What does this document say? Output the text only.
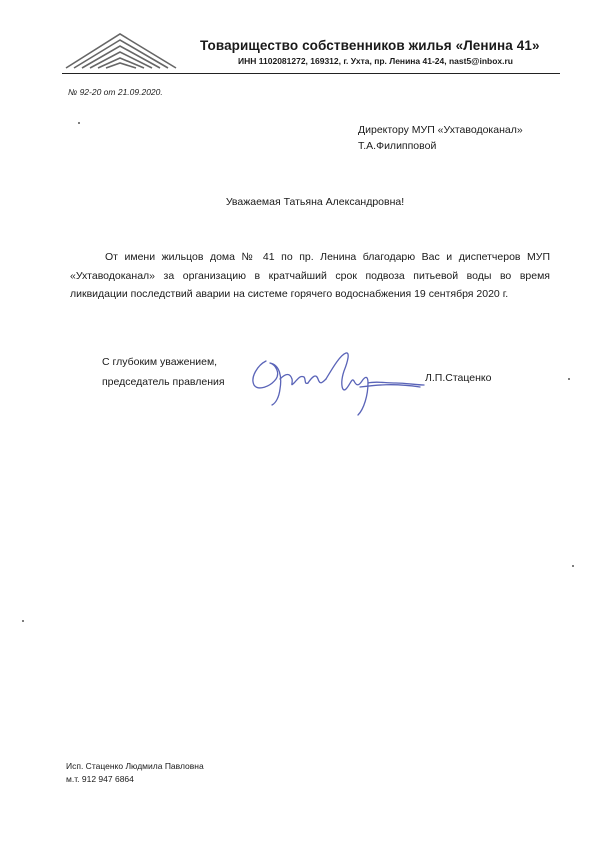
Товарищество собственников жилья «Ленина 41»
ИНН 1102081272, 169312, г. Ухта, пр. Ленина 41-24, nast5@inbox.ru
№ 92-20 от 21.09.2020.
Директору МУП «Ухтаводоканал»
Т.А.Филипповой
Уважаемая Татьяна Александровна!
От имени жильцов дома № 41 по пр. Ленина благодарю Вас и диспетчеров МУП «Ухтаводоканал» за организацию в кратчайший срок подвоза питьевой воды во время ликвидации последствий аварии на системе горячего водоснабжения 19 сентября 2020 г.
С глубоким уважением,
председатель правления	Л.П.Стаценко
Исп. Стаценко Людмила Павловна
м.т. 912 947 6864
